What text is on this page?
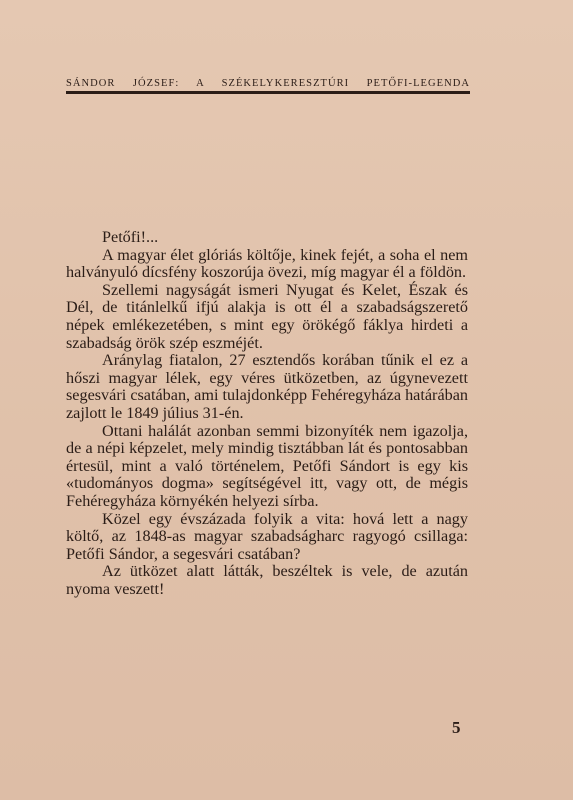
SÁNDOR JÓZSEF: A SZÉKELYKERESZTÚRI PETŐFI-LEGENDA

Petőfi!...

A magyar élet glóriás költője, kinek fejét, a soha el nem halványuló dícsfény koszorúja övezi, míg magyar él a földön.

Szellemi nagyságát ismeri Nyugat és Kelet, Észak és Dél, de titánlelkű ifjú alakja is ott él a szabadságszerető népek emlékezetében, s mint egy örökégő fáklya hirdeti a szabadság örök szép eszméjét.

Aránylag fiatalon, 27 esztendős korában tűnik el ez a hőszi magyar lélek, egy véres ütközetben, az úgynevezett segesvári csatában, ami tulajdonképp Fehéregyháza határában zajlott le 1849 július 31-én.

Ottani halálát azonban semmi bizonyíték nem igazolja, de a népi képzelet, mely mindig tisztábban lát és pontosabban értesül, mint a való történelem, Petőfi Sándort is egy kis «tudományos dogma» segítségével itt, vagy ott, de mégis Fehéregyháza környékén helyezi sírba.

Közel egy évszázada folyik a vita: hová lett a nagy költő, az 1848-as magyar szabadságharc ragyogó csillaga: Petőfi Sándor, a segesvári csatában?

Az ütközet alatt látták, beszéltek is vele, de azután nyoma veszett!

5
